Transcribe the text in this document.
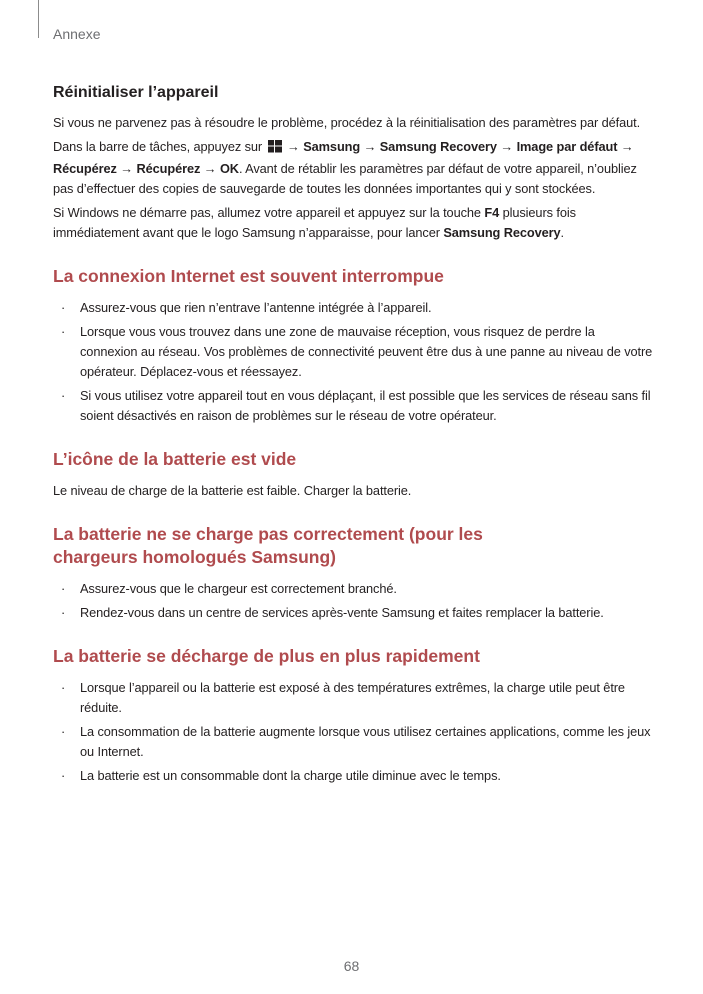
Annexe
Réinitialiser l’appareil

Si vous ne parvenez pas à résoudre le problème, procédez à la réinitialisation des paramètres par défaut.

Dans la barre de tâches, appuyez sur → Samsung → Samsung Recovery → Image par défaut → Récupérez → Récupérez → OK. Avant de rétablir les paramètres par défaut de votre appareil, n’oubliez pas d’effectuer des copies de sauvegarde de toutes les données importantes qui y sont stockées.

Si Windows ne démarre pas, allumez votre appareil et appuyez sur la touche F4 plusieurs fois immédiatement avant que le logo Samsung n’apparaisse, pour lancer Samsung Recovery.

La connexion Internet est souvent interrompue
· Assurez-vous que rien n’entrave l’antenne intégrée à l’appareil.
· Lorsque vous vous trouvez dans une zone de mauvaise réception, vous risquez de perdre la connexion au réseau. Vos problèmes de connectivité peuvent être dus à une panne au niveau de votre opérateur. Déplacez-vous et réessayez.
· Si vous utilisez votre appareil tout en vous déplaçant, il est possible que les services de réseau sans fil soient désactivés en raison de problèmes sur le réseau de votre opérateur.
L’icône de la batterie est vide

Le niveau de charge de la batterie est faible. Charger la batterie.

La batterie ne se charge pas correctement (pour les chargeurs homologués Samsung)
· Assurez-vous que le chargeur est correctement branché.
· Rendez-vous dans un centre de services après-vente Samsung et faites remplacer la batterie.
La batterie se décharge de plus en plus rapidement
· Lorsque l’appareil ou la batterie est exposé à des températures extrêmes, la charge utile peut être réduite.
· La consommation de la batterie augmente lorsque vous utilisez certaines applications, comme les jeux ou Internet.
· La batterie est un consommable dont la charge utile diminue avec le temps.
68
